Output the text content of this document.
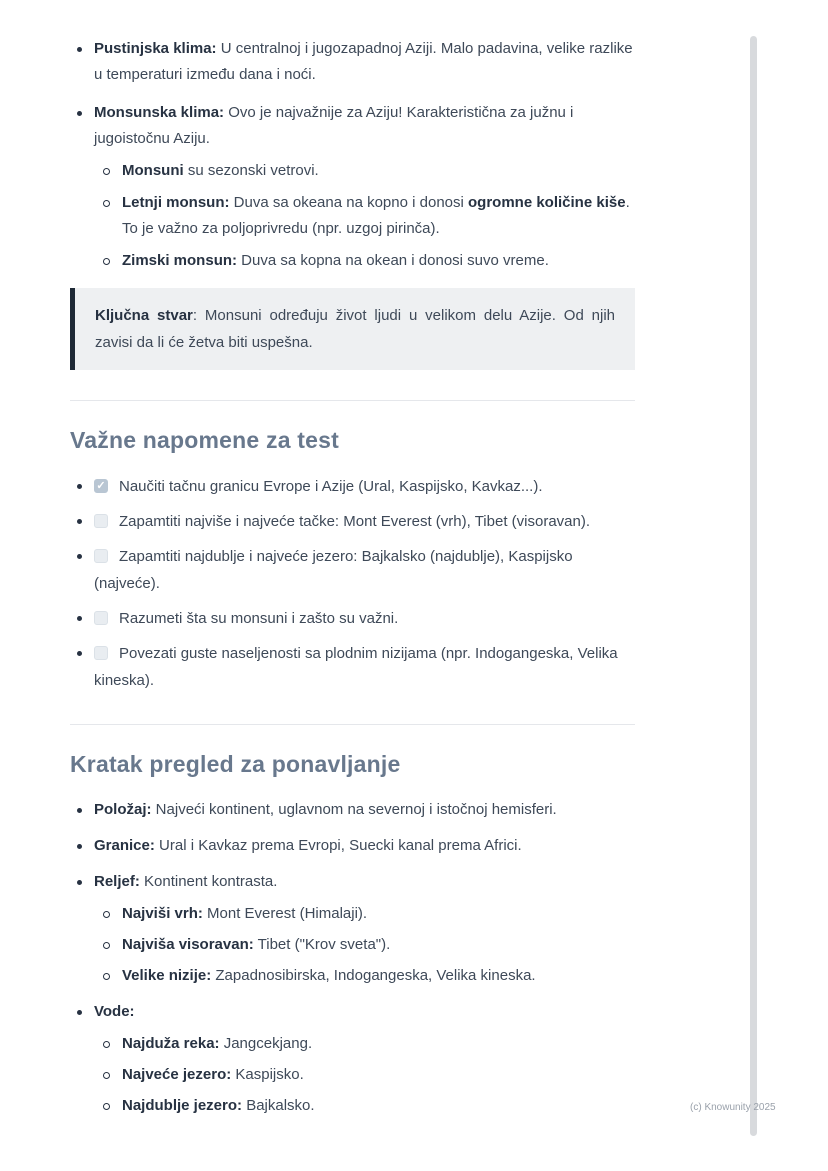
Pustinjska klima: U centralnoj i jugozapadnoj Aziji. Malo padavina, velike razlike u temperaturi između dana i noći.
Monsunska klima: Ovo je najvažnije za Aziju! Karakteristična za južnu i jugoistočnu Aziju.
Monsuni su sezonski vetrovi.
Letnji monsun: Duva sa okeana na kopno i donosi ogromne količine kiše. To je važno za poljoprivredu (npr. uzgoj pirinča).
Zimski monsun: Duva sa kopna na okean i donosi suvo vreme.
Ključna stvar: Monsuni određuju život ljudi u velikom delu Azije. Od njih zavisi da li će žetva biti uspešna.
Važne napomene za test
✓Naučiti tačnu granicu Evrope i Azije (Ural, Kaspijsko, Kavkaz...).
Zapamtiti najviše i najveće tačke: Mont Everest (vrh), Tibet (visoravan).
Zapamtiti najdublje i najveće jezero: Bajkalsko (najdublje), Kaspijsko (najveće).
Razumeti šta su monsuni i zašto su važni.
Povezati guste naseljenosti sa plodnim nizijama (npr. Indogangeska, Velika kineska).
Kratak pregled za ponavljanje
Položaj: Najveći kontinent, uglavnom na severnoj i istočnoj hemisferi.
Granice: Ural i Kavkaz prema Evropi, Suecki kanal prema Africi.
Reljef: Kontinent kontrasta.
Najviši vrh: Mont Everest (Himalaji).
Najviša visoravan: Tibet ("Krov sveta").
Velike nizije: Zapadnosibirska, Indogangeska, Velika kineska.
Vode:
Najduža reka: Jangcekjang.
Najveće jezero: Kaspijsko.
Najdublje jezero: Bajkalsko.	(c) Knowunity 2025
